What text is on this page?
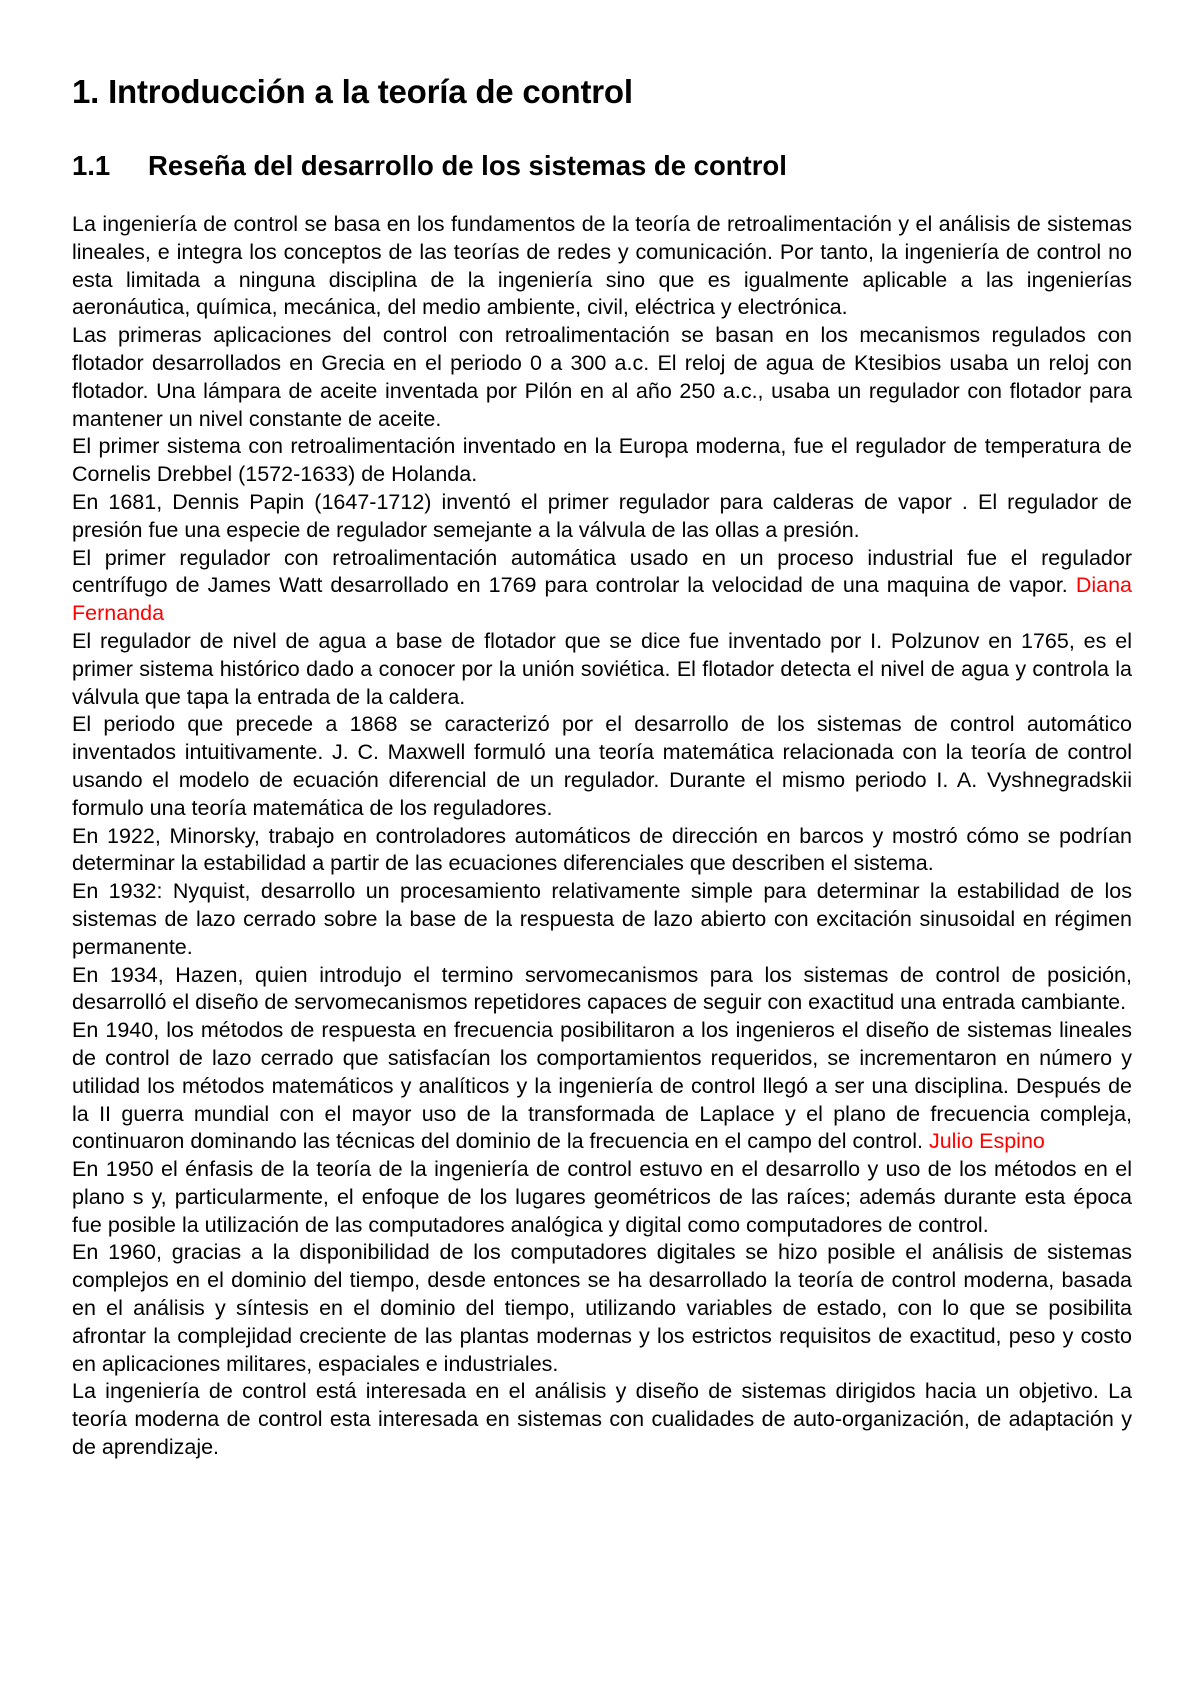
1. Introducción a la teoría de control
1.1 Reseña del desarrollo de los sistemas de control

La ingeniería de control se basa en los fundamentos de la teoría de retroalimentación y el análisis de sistemas lineales, e integra los conceptos de las teorías de redes y comunicación. Por tanto, la ingeniería de control no esta limitada a ninguna disciplina de la ingeniería sino que es igualmente aplicable a las ingenierías aeronáutica, química, mecánica, del medio ambiente, civil, eléctrica y electrónica.

Las primeras aplicaciones del control con retroalimentación se basan en los mecanismos regulados con flotador desarrollados en Grecia en el periodo 0 a 300 a.c. El reloj de agua de Ktesibios usaba un reloj con flotador. Una lámpara de aceite inventada por Pilón en al año 250 a.c., usaba un regulador con flotador para mantener un nivel constante de aceite.

El primer sistema con retroalimentación inventado en la Europa moderna, fue el regulador de temperatura de Cornelis Drebbel (1572-1633) de Holanda.

En 1681, Dennis Papin (1647-1712) inventó el primer regulador para calderas de vapor . El regulador de presión fue una especie de regulador semejante a la válvula de las ollas a presión.

El primer regulador con retroalimentación automática usado en un proceso industrial fue el regulador centrífugo de James Watt desarrollado en 1769 para controlar la velocidad de una maquina de vapor. Diana Fernanda

El regulador de nivel de agua a base de flotador que se dice fue inventado por I. Polzunov en 1765, es el primer sistema histórico dado a conocer por la unión soviética. El flotador detecta el nivel de agua y controla la válvula que tapa la entrada de la caldera.

El periodo que precede a 1868 se caracterizó por el desarrollo de los sistemas de control automático inventados intuitivamente. J. C. Maxwell formuló una teoría matemática relacionada con la teoría de control usando el modelo de ecuación diferencial de un regulador. Durante el mismo periodo I. A. Vyshnegradskii formulo una teoría matemática de los reguladores.

En 1922, Minorsky, trabajo en controladores automáticos de dirección en barcos y mostró cómo se podrían determinar la estabilidad a partir de las ecuaciones diferenciales que describen el sistema.

En 1932: Nyquist, desarrollo un procesamiento relativamente simple para determinar la estabilidad de los sistemas de lazo cerrado sobre la base de la respuesta de lazo abierto con excitación sinusoidal en régimen permanente.

En 1934, Hazen, quien introdujo el termino servomecanismos para los sistemas de control de posición, desarrolló el diseño de servomecanismos repetidores capaces de seguir con exactitud una entrada cambiante.

En 1940, los métodos de respuesta en frecuencia posibilitaron a los ingenieros el diseño de sistemas lineales de control de lazo cerrado que satisfacían los comportamientos requeridos, se incrementaron en número y utilidad los métodos matemáticos y analíticos y la ingeniería de control llegó a ser una disciplina. Después de la II guerra mundial con el mayor uso de la transformada de Laplace y el plano de frecuencia compleja, continuaron dominando las técnicas del dominio de la frecuencia en el campo del control. Julio Espino

En 1950 el énfasis de la teoría de la ingeniería de control estuvo en el desarrollo y uso de los métodos en el plano s y, particularmente, el enfoque de los lugares geométricos de las raíces; además durante esta época fue posible la utilización de las computadores analógica y digital como computadores de control.

En 1960, gracias a la disponibilidad de los computadores digitales se hizo posible el análisis de sistemas complejos en el dominio del tiempo, desde entonces se ha desarrollado la teoría de control moderna, basada en el análisis y síntesis en el dominio del tiempo, utilizando variables de estado, con lo que se posibilita afrontar la complejidad creciente de las plantas modernas y los estrictos requisitos de exactitud, peso y costo en aplicaciones militares, espaciales e industriales.

La ingeniería de control está interesada en el análisis y diseño de sistemas dirigidos hacia un objetivo. La teoría moderna de control esta interesada en sistemas con cualidades de auto-organización, de adaptación y de aprendizaje.
